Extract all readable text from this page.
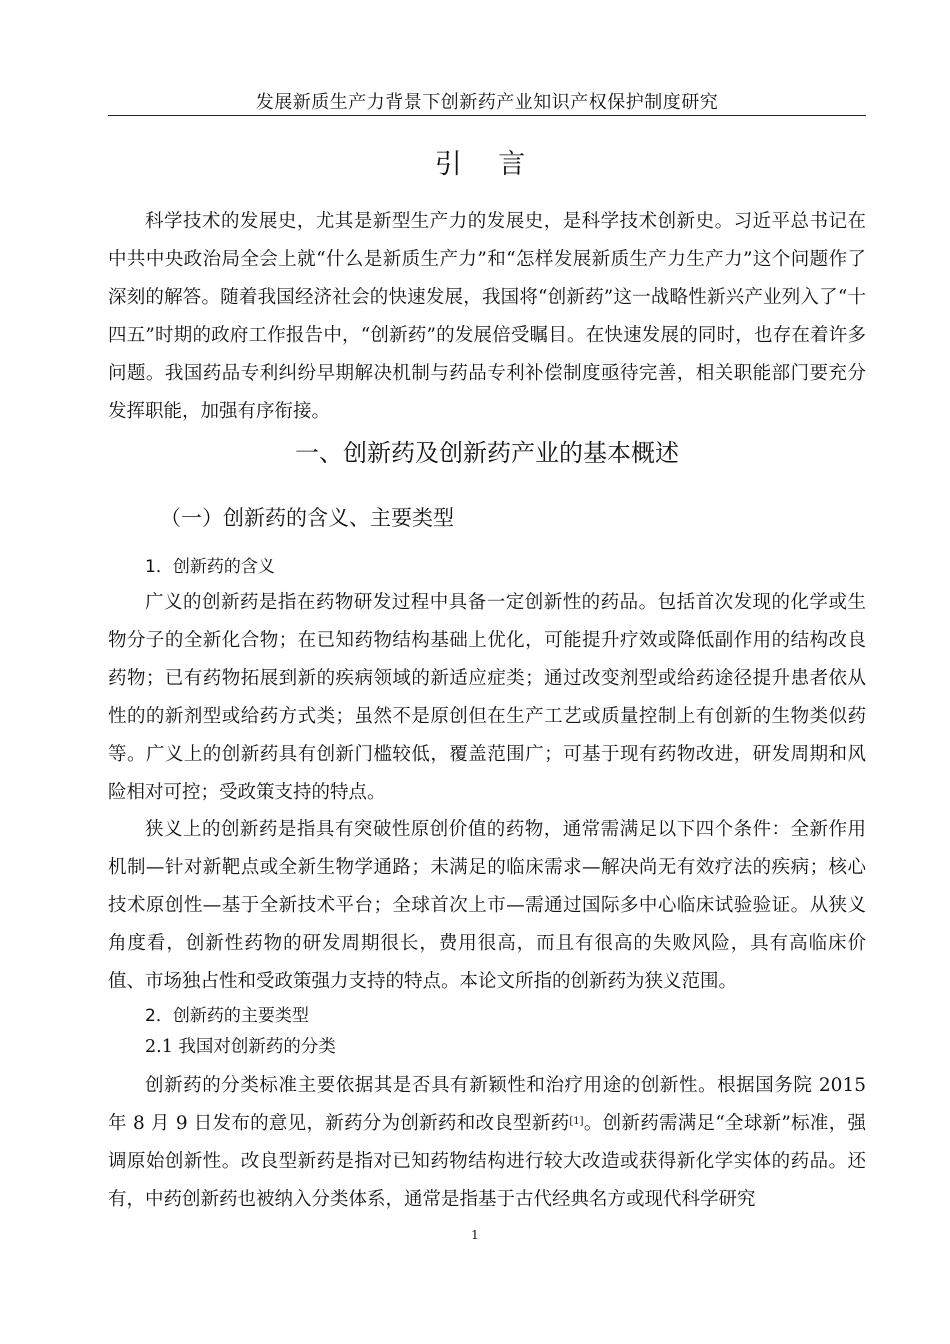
发展新质生产力背景下创新药产业知识产权保护制度研究
引 言

科学技术的发展史，尤其是新型生产力的发展史，是科学技术创新史。习近平总书记在中共中央政治局全会上就“什么是新质生产力”和“怎样发展新质生产力生产力”这个问题作了深刻的解答。随着我国经济社会的快速发展，我国将“创新药”这一战略性新兴产业列入了“十四五”时期的政府工作报告中，“创新药”的发展倍受瞩目。在快速发展的同时，也存在着许多问题。我国药品专利纠纷早期解决机制与药品专利补偿制度亟待完善，相关职能部门要充分发挥职能，加强有序衔接。

一、创新药及创新药产业的基本概述
（一）创新药的含义、主要类型
1．创新药的含义

广义的创新药是指在药物研发过程中具备一定创新性的药品。包括首次发现的化学或生物分子的全新化合物；在已知药物结构基础上优化，可能提升疗效或降低副作用的结构改良药物；已有药物拓展到新的疾病领域的新适应症类；通过改变剂型或给药途径提升患者依从性的的新剂型或给药方式类；虽然不是原创但在生产工艺或质量控制上有创新的生物类似药等。广义上的创新药具有创新门槛较低，覆盖范围广；可基于现有药物改进，研发周期和风险相对可控；受政策支持的特点。

狭义上的创新药是指具有突破性原创价值的药物，通常需满足以下四个条件：全新作用机制—针对新靶点或全新生物学通路；未满足的临床需求—解决尚无有效疗法的疾病；核心技术原创性—基于全新技术平台；全球首次上市—需通过国际多中心临床试验验证。从狭义角度看，创新性药物的研发周期很长，费用很高，而且有很高的失败风险，具有高临床价值、市场独占性和受政策强力支持的特点。本论文所指的创新药为狭义范围。

2．创新药的主要类型
2.1 我国对创新药的分类

创新药的分类标准主要依据其是否具有新颖性和治疗用途的创新性。根据国务院 2015 年 8 月 9 日发布的意见，新药分为创新药和改良型新药[1]。创新药需满足“全球新”标准，强调原始创新性。改良型新药是指对已知药物结构进行较大改造或获得新化学实体的药品。还有，中药创新药也被纳入分类体系，通常是指基于古代经典名方或现代科学研究

1
